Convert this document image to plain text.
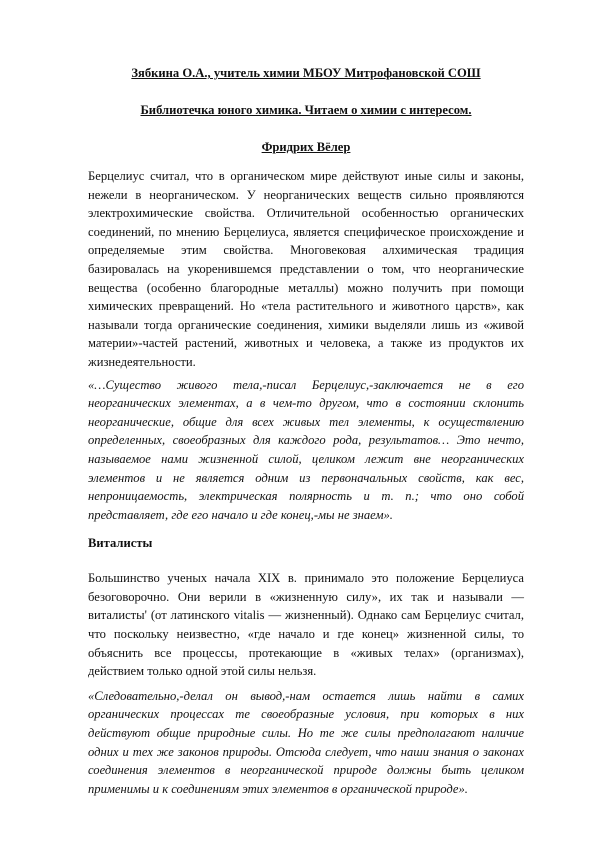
Зябкина О.А., учитель химии МБОУ Митрофановской СОШ
Библиотечка юного химика. Читаем о химии с интересом.
Фридрих Вёлер

Берцелиус считал, что в органическом мире действуют иные силы и законы, нежели в неорганическом. У неорганических веществ сильно проявляются электрохимические свойства. Отличительной особенностью органических соединений, по мнению Берцелиуса, является специфическое происхождение и определяемые этим свойства. Многовековая алхимическая традиция базировалась на укоренившемся представлении о том, что неорганические вещества (особенно благородные металлы) можно получить при помощи химических превращений. Но «тела растительного и животного царств», как называли тогда органические соединения, химики выделяли лишь из «живой материи»-частей растений, животных и человека, а также из продуктов их жизнедеятельности.

«…Существо живого тела,-писал Берцелиус,-заключается не в его неорганических элементах, а в чем-то другом, что в состоянии склонить неорганические, общие для всех живых тел элементы, к осуществлению определенных, своеобразных для каждого рода, результатов… Это нечто, называемое нами жизненной силой, целиком лежит вне неорганических элементов и не является одним из первоначальных свойств, как вес, непроницаемость, электрическая полярность и т. п.; что оно собой представляет, где его начало и где конец,-мы не знаем».

Виталисты

Большинство ученых начала XIX в. принимало это положение Берцелиуса безоговорочно. Они верили в «жизненную силу», их так и называли — виталисты' (от латинского vitalis — жизненный). Однако сам Берцелиус считал, что поскольку неизвестно, «где начало и где конец» жизненной силы, то объяснить все процессы, протекающие в «живых телах» (организмах), действием только одной этой силы нельзя.

«Следовательно,-делал он вывод,-нам остается лишь найти в самих органических процессах те своеобразные условия, при которых в них действуют общие природные силы. Но те же силы предполагают наличие одних и тех же законов природы. Отсюда следует, что наши знания о законах соединения элементов в неорганической природе должны быть целиком применимы и к соединениям этих элементов в органической природе».
